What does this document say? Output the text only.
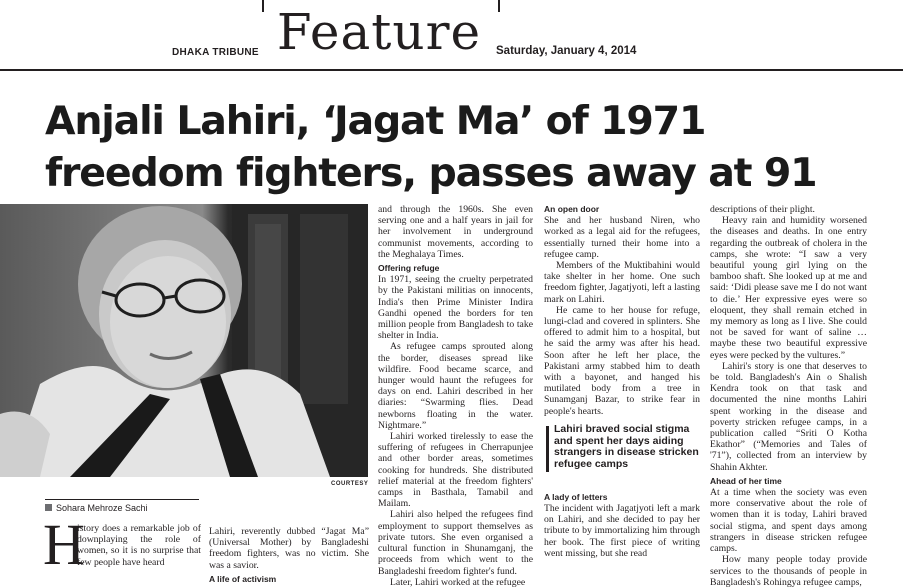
Feature
DHAKA TRIBUNE	Saturday, January 4, 2014
Anjali Lahiri, ‘Jagat Ma’ of 1971 freedom fighters, passes away at 91
COURTESY
Sohara Mehroze Sachi
H

istory does a remarkable job of downplaying the role of women, so it is no surprise that few people have heard

Lahiri, reverently dubbed “Jagat Ma” (Universal Mother) by Bangladeshi freedom fighters, was no victim. She was a savior.

A life of activism

and through the 1960s. She even serving one and a half years in jail for her involvement in underground communist movements, according to the Meghalaya Times.

Offering refuge

In 1971, seeing the cruelty perpetrated by the Pakistani militias on innocents, India's then Prime Minister Indira Gandhi opened the borders for ten million people from Bangladesh to take shelter in India.

As refugee camps sprouted along the border, diseases spread like wildfire. Food became scarce, and hunger would haunt the refugees for days on end. Lahiri described in her diaries: “Swarming flies. Dead newborns floating in the water. Nightmare.”

Lahiri worked tirelessly to ease the suffering of refugees in Cherrapunjee and other border areas, sometimes cooking for hundreds. She distributed relief material at the freedom fighters' camps in Basthala, Tamabil and Mailam.

Lahiri also helped the refugees find employment to support themselves as private tutors. She even organised a cultural function in Shunamganj, the proceeds from which went to the Bangladeshi freedom fighter's fund.

Later, Lahiri worked at the refugee

An open door

She and her husband Niren, who worked as a legal aid for the refugees, essentially turned their home into a refugee camp.

Members of the Muktibahini would take shelter in her home. One such freedom fighter, Jagatjyoti, left a lasting mark on Lahiri.

He came to her house for refuge, lungi-clad and covered in splinters. She offered to admit him to a hospital, but he said the army was after his head. Soon after he left her place, the Pakistani army stabbed him to death with a bayonet, and hanged his mutilated body from a tree in Sunamganj Bazar, to strike fear in people's hearts.

A lady of letters

The incident with Jagatjyoti left a mark on Lahiri, and she decided to pay her tribute to by immortalizing him through her book. The first piece of writing went missing, but she read

Lahiri braved social stigma and spent her days aiding strangers in disease stricken refugee camps

descriptions of their plight.

Heavy rain and humidity worsened the diseases and deaths. In one entry regarding the outbreak of cholera in the camps, she wrote: “I saw a very beautiful young girl lying on the bamboo shaft. She looked up at me and said: ‘Didi please save me I do not want to die.’ Her expressive eyes were so eloquent, they shall remain etched in my memory as long as I live. She could not be saved for want of saline … maybe these two beautiful expressive eyes were pecked by the vultures.”

Lahiri's story is one that deserves to be told. Bangladesh's Ain o Shalish Kendra took on that task and documented the nine months Lahiri spent working in the disease and poverty stricken refugee camps, in a publication called “Sriti O Kotha Ekathor” (“Memories and Tales of '71”), collected from an interview by Shahin Akhter.

Ahead of her time

At a time when the society was even more conservative about the role of women than it is today, Lahiri braved social stigma, and spent days among strangers in disease stricken refugee camps.

How many people today provide services to the thousands of people in Bangladesh's Rohingya refugee camps,
